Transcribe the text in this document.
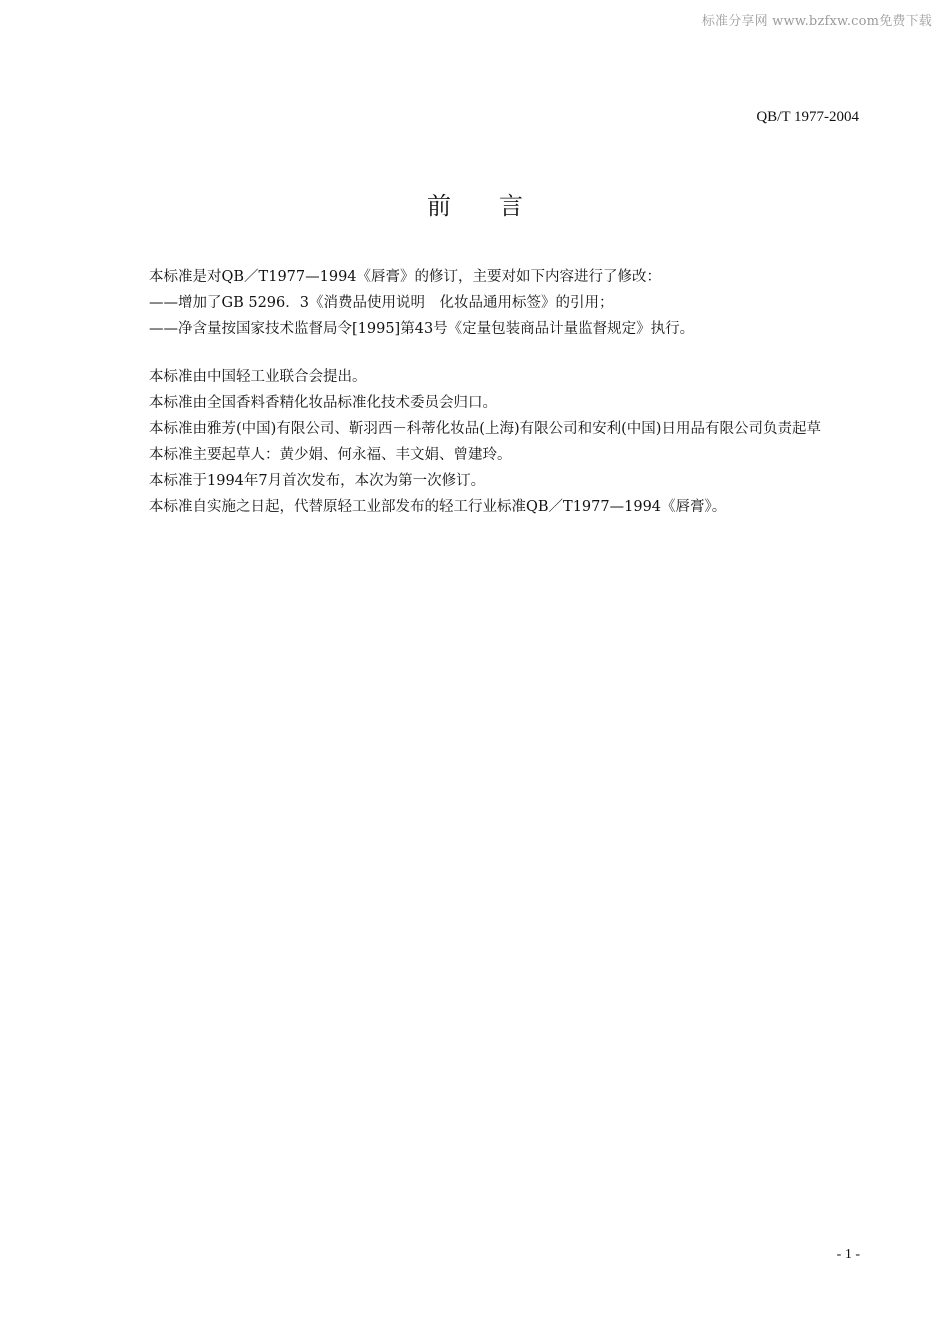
标准分享网 www.bzfxw.com免费下载
QB/T 1977-2004
前言

本标准是对QB／T1977—1994《唇膏》的修订，主要对如下内容进行了修改：

——增加了GB 5296．3《消费品使用说明　化妆品通用标签》的引用；

——净含量按国家技术监督局令[1995]第43号《定量包装商品计量监督规定》执行。

本标准由中国轻工业联合会提出。

本标准由全国香料香精化妆品标准化技术委员会归口。

本标准由雅芳(中国)有限公司、靳羽西－科蒂化妆品(上海)有限公司和安利(中国)日用品有限公司负责起草

本标准主要起草人：黄少娟、何永福、丰文娟、曾建玲。

本标准于1994年7月首次发布，本次为第一次修订。

本标准自实施之日起，代替原轻工业部发布的轻工行业标准QB／T1977—1994《唇膏》。

- 1 -
